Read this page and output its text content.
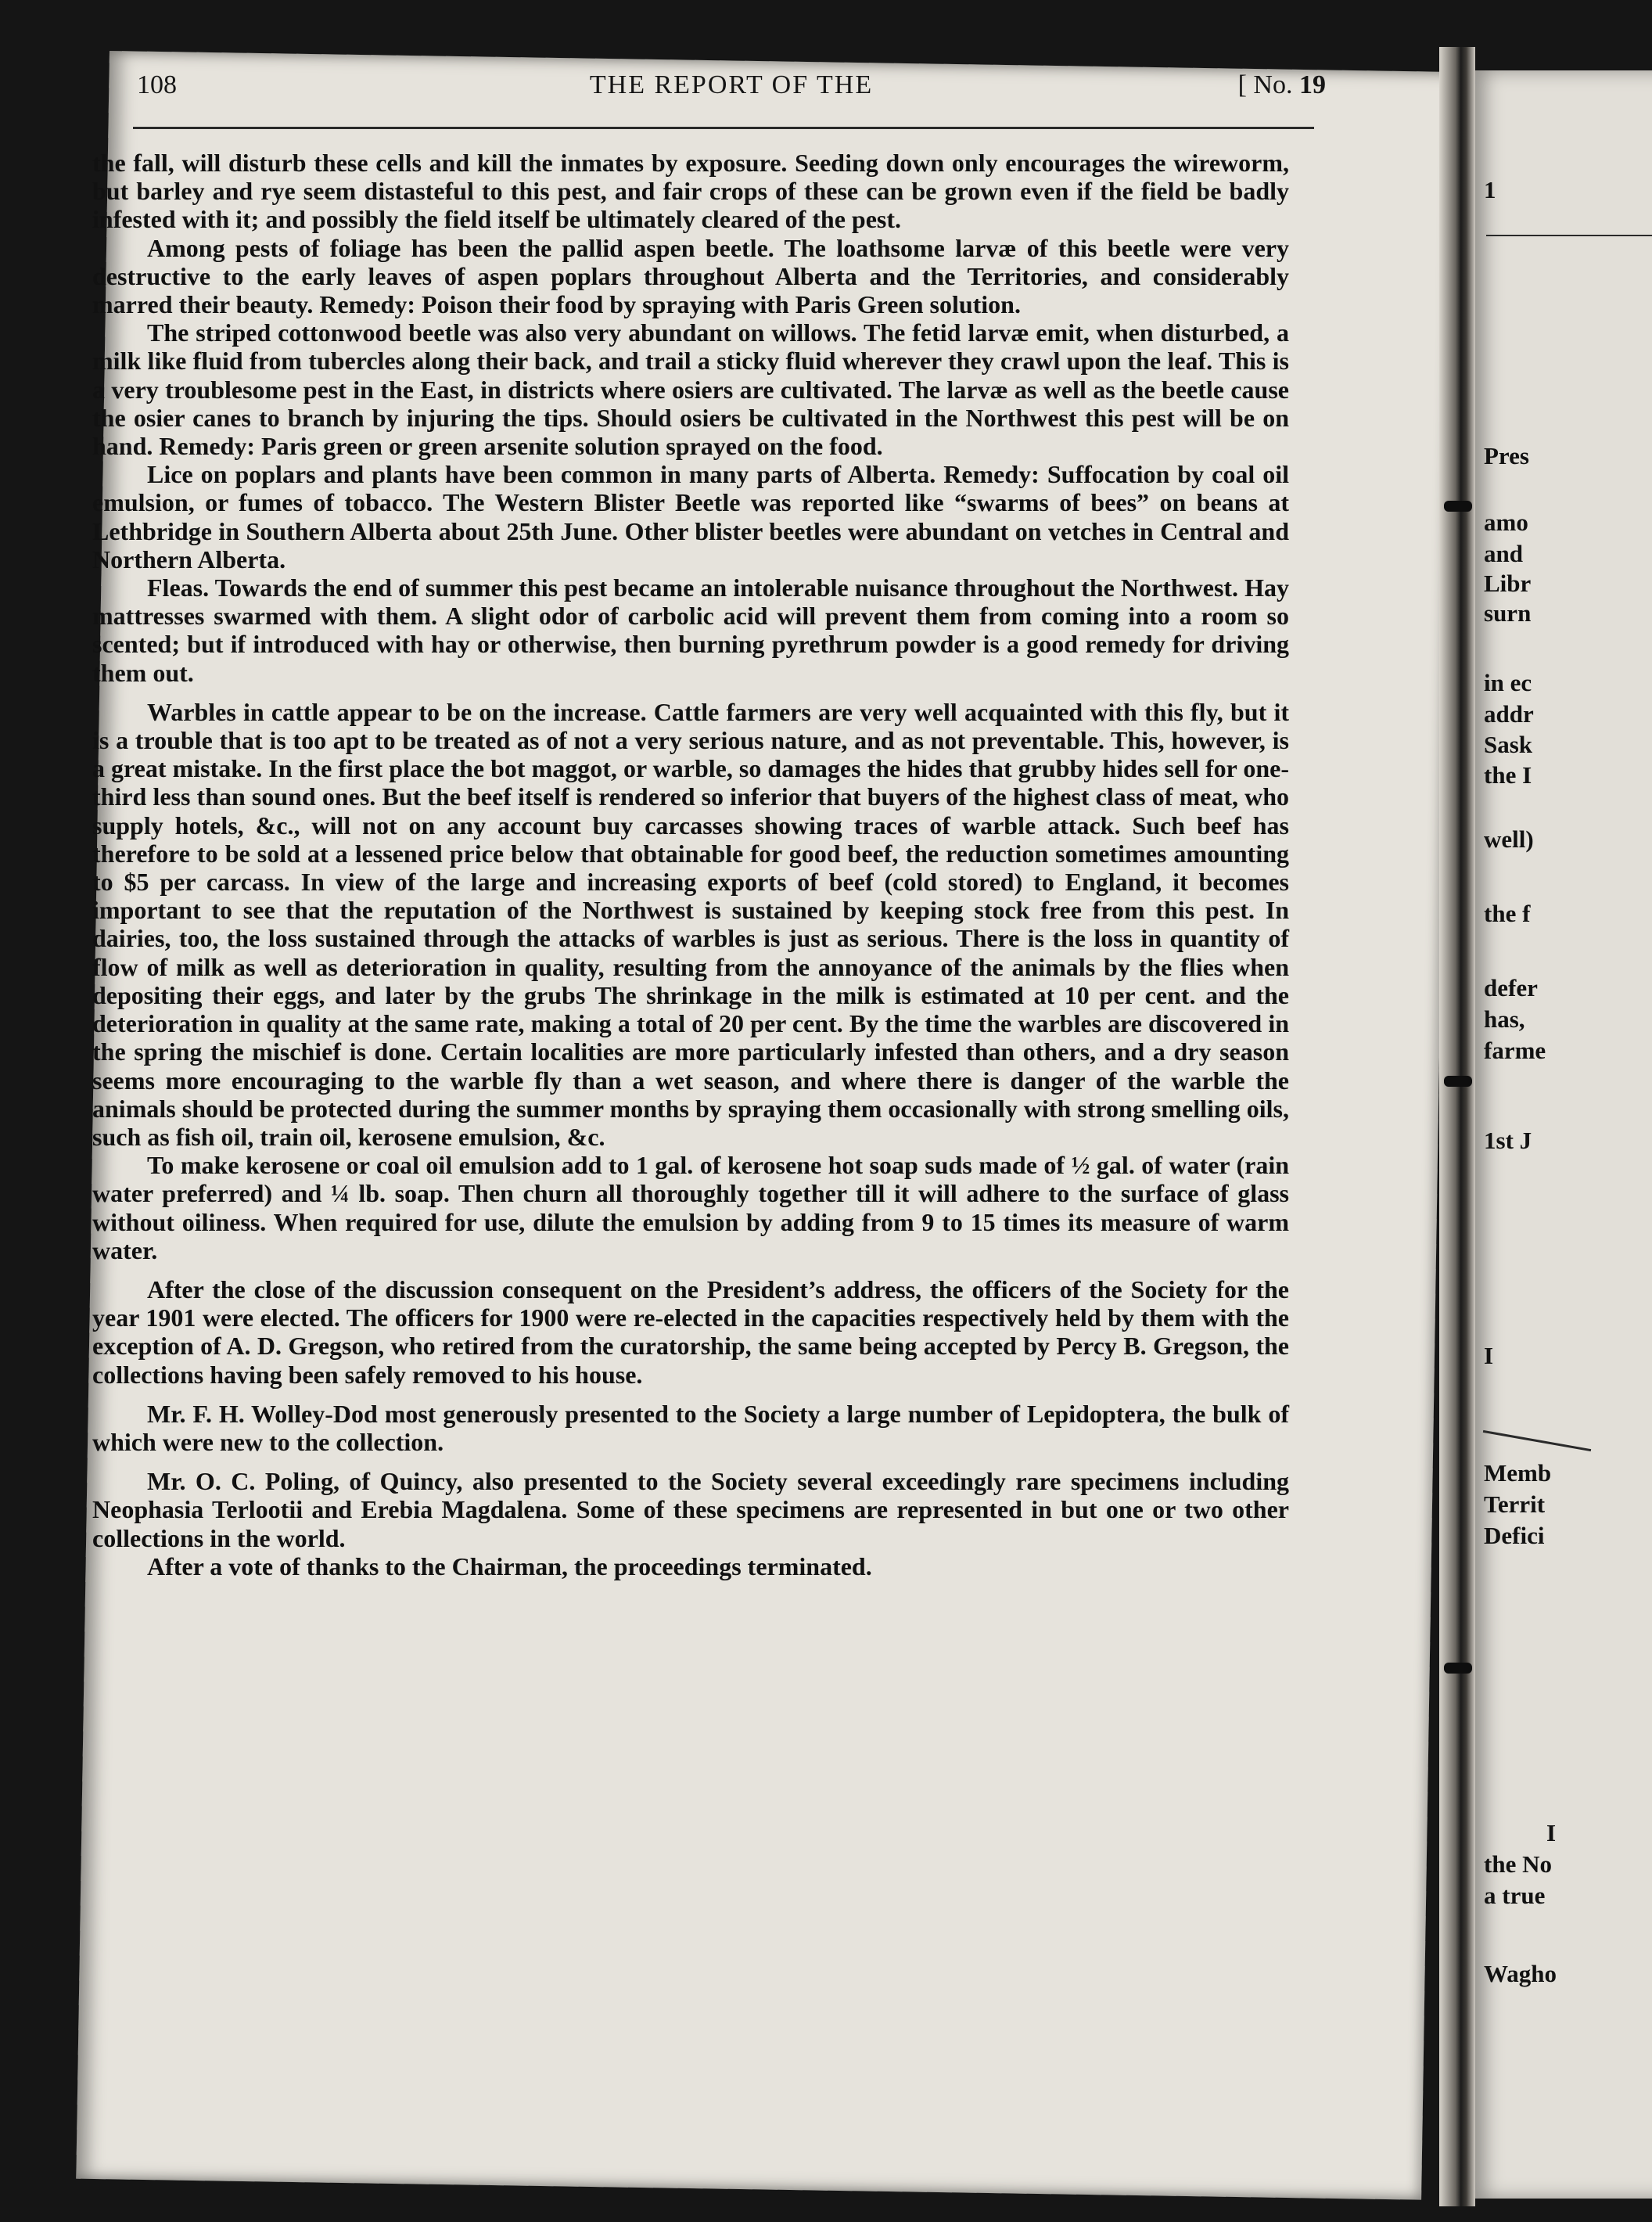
108	THE REPORT OF THE	[ No. 19

the fall, will disturb these cells and kill the inmates by exposure. Seeding down only encourages the wireworm, but barley and rye seem distasteful to this pest, and fair crops of these can be grown even if the field be badly infested with it; and possibly the field itself be ultimately cleared of the pest.

Among pests of foliage has been the pallid aspen beetle. The loathsome larvæ of this beetle were very destructive to the early leaves of aspen poplars throughout Alberta and the Territories, and considerably marred their beauty. Remedy: Poison their food by spraying with Paris Green solution.

The striped cottonwood beetle was also very abundant on willows. The fetid larvæ emit, when disturbed, a milk like fluid from tubercles along their back, and trail a sticky fluid wherever they crawl upon the leaf. This is a very troublesome pest in the East, in districts where osiers are cultivated. The larvæ as well as the beetle cause the osier canes to branch by injuring the tips. Should osiers be cultivated in the Northwest this pest will be on hand. Remedy: Paris green or green arsenite solution sprayed on the food.

Lice on poplars and plants have been common in many parts of Alberta. Remedy: Suffocation by coal oil emulsion, or fumes of tobacco. The Western Blister Beetle was reported like “swarms of bees” on beans at Lethbridge in Southern Alberta about 25th June. Other blister beetles were abundant on vetches in Central and Northern Alberta.

Fleas. Towards the end of summer this pest became an intolerable nuisance throughout the Northwest. Hay mattresses swarmed with them. A slight odor of carbolic acid will prevent them from coming into a room so scented; but if introduced with hay or otherwise, then burning pyrethrum powder is a good remedy for driving them out.

Warbles in cattle appear to be on the increase. Cattle farmers are very well acquainted with this fly, but it is a trouble that is too apt to be treated as of not a very serious nature, and as not preventable. This, however, is a great mistake. In the first place the bot maggot, or warble, so damages the hides that grubby hides sell for one-third less than sound ones. But the beef itself is rendered so inferior that buyers of the highest class of meat, who supply hotels, &c., will not on any account buy carcasses showing traces of warble attack. Such beef has therefore to be sold at a lessened price below that obtainable for good beef, the reduction sometimes amounting to $5 per carcass. In view of the large and increasing exports of beef (cold stored) to England, it becomes important to see that the reputation of the Northwest is sustained by keeping stock free from this pest. In dairies, too, the loss sustained through the attacks of warbles is just as serious. There is the loss in quantity of flow of milk as well as deterioration in quality, resulting from the annoyance of the animals by the flies when depositing their eggs, and later by the grubs The shrinkage in the milk is estimated at 10 per cent. and the deterioration in quality at the same rate, making a total of 20 per cent. By the time the warbles are discovered in the spring the mischief is done. Certain localities are more particularly infested than others, and a dry season seems more encouraging to the warble fly than a wet season, and where there is danger of the warble the animals should be protected during the summer months by spraying them occasionally with strong smelling oils, such as fish oil, train oil, kerosene emulsion, &c.

To make kerosene or coal oil emulsion add to 1 gal. of kerosene hot soap suds made of ½ gal. of water (rain water preferred) and ¼ lb. soap. Then churn all thoroughly together till it will adhere to the surface of glass without oiliness. When required for use, dilute the emulsion by adding from 9 to 15 times its measure of warm water.

After the close of the discussion consequent on the President’s address, the officers of the Society for the year 1901 were elected. The officers for 1900 were re-elected in the capacities respectively held by them with the exception of A. D. Gregson, who retired from the curatorship, the same being accepted by Percy B. Gregson, the collections having been safely removed to his house.

Mr. F. H. Wolley-Dod most generously presented to the Society a large number of Lepidoptera, the bulk of which were new to the collection.

Mr. O. C. Poling, of Quincy, also presented to the Society several exceedingly rare specimens including Neophasia Terlootii and Erebia Magdalena. Some of these specimens are represented in but one or two other collections in the world.

After a vote of thanks to the Chairman, the proceedings terminated.

1
Pres
amo
and
Libr
surn
in ec
addr
Sask
the I
well)
the f
defer
has,
farme
1st J
I
Memb
Territ
Defici
I
the No
a true
Wagho
